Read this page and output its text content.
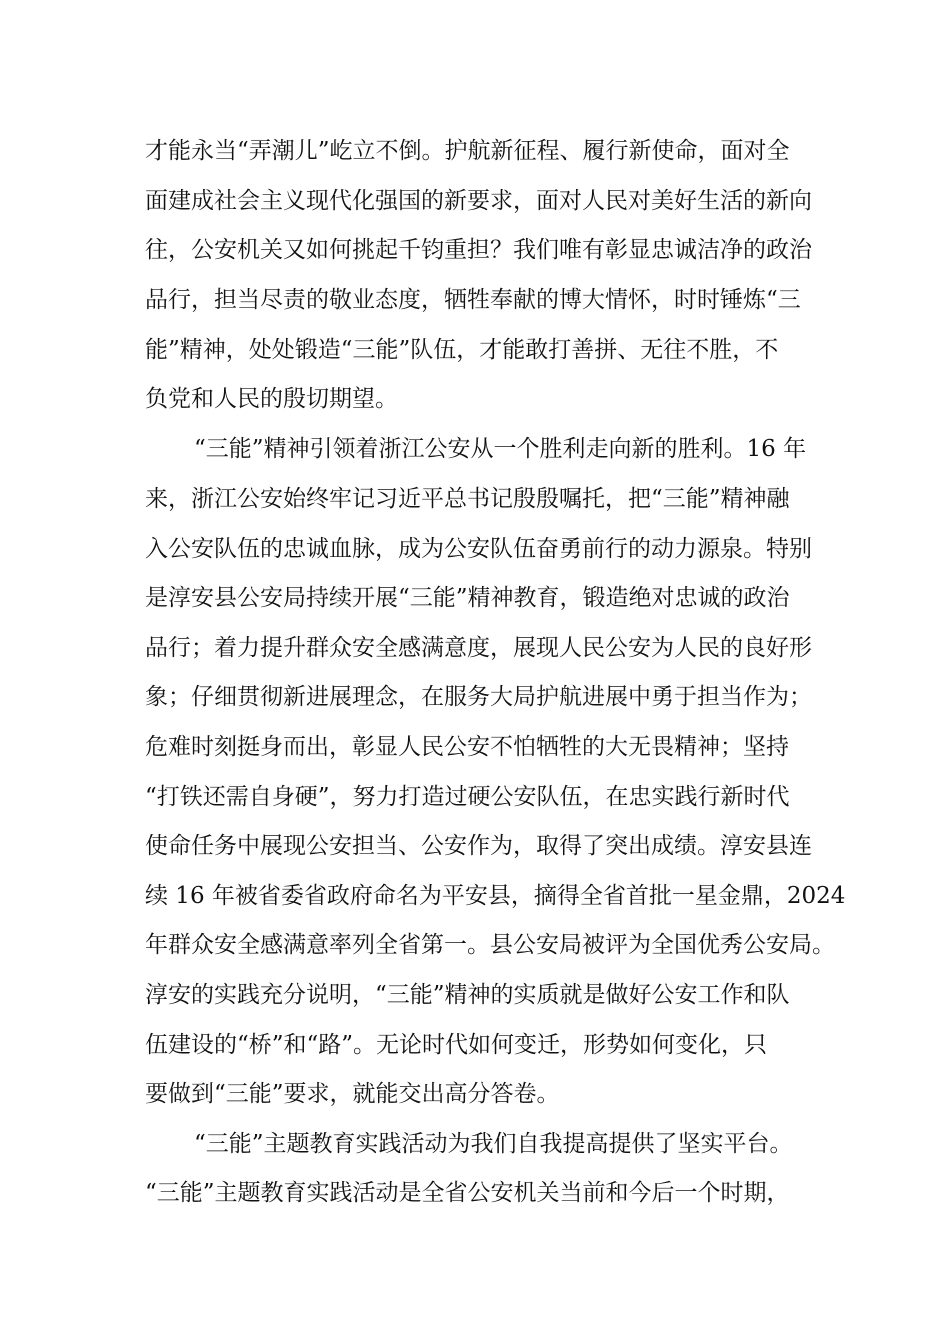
才能永当“弄潮儿”屹立不倒。护航新征程、履行新使命，面对全
面建成社会主义现代化强国的新要求，面对人民对美好生活的新向
往，公安机关又如何挑起千钧重担？我们唯有彰显忠诚洁净的政治
品行，担当尽责的敬业态度，牺牲奉献的博大情怀，时时锤炼“三
能”精神，处处锻造“三能”队伍，才能敢打善拼、无往不胜，不
负党和人民的殷切期望。
“三能”精神引领着浙江公安从一个胜利走向新的胜利。16 年
来，浙江公安始终牢记习近平总书记殷殷嘱托，把“三能”精神融
入公安队伍的忠诚血脉，成为公安队伍奋勇前行的动力源泉。特别
是淳安县公安局持续开展“三能”精神教育，锻造绝对忠诚的政治
品行；着力提升群众安全感满意度，展现人民公安为人民的良好形
象；仔细贯彻新进展理念，在服务大局护航进展中勇于担当作为；
危难时刻挺身而出，彰显人民公安不怕牺牲的大无畏精神；坚持
“打铁还需自身硬”，努力打造过硬公安队伍，在忠实践行新时代
使命任务中展现公安担当、公安作为，取得了突出成绩。淳安县连
续 16 年被省委省政府命名为平安县，摘得全省首批一星金鼎，2024
年群众安全感满意率列全省第一。县公安局被评为全国优秀公安局。
淳安的实践充分说明，“三能”精神的实质就是做好公安工作和队
伍建设的“桥”和“路”。无论时代如何变迁，形势如何变化，只
要做到“三能”要求，就能交出高分答卷。
“三能”主题教育实践活动为我们自我提高提供了坚实平台。
“三能”主题教育实践活动是全省公安机关当前和今后一个时期，
